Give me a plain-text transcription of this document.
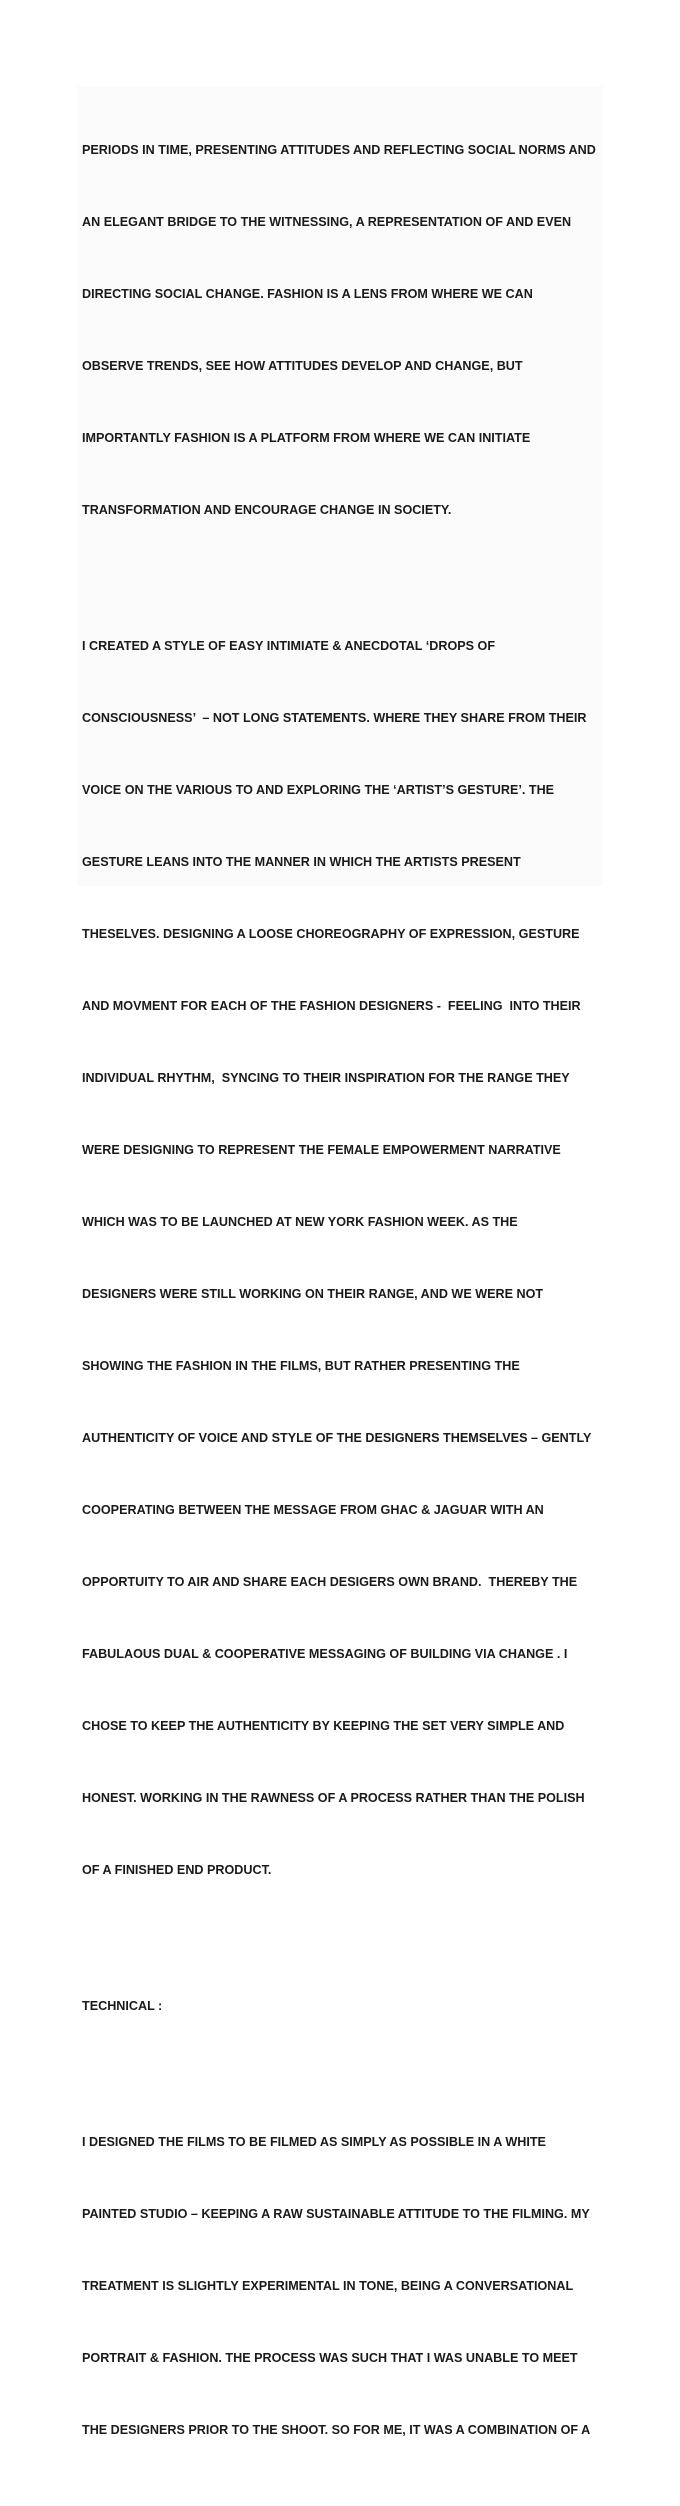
PERIODS IN TIME, PRESENTING ATTITUDES AND REFLECTING SOCIAL NORMS AND

AN ELEGANT BRIDGE TO THE WITNESSING, A REPRESENTATION OF AND EVEN

DIRECTING SOCIAL CHANGE. FASHION IS A LENS FROM WHERE WE CAN

OBSERVE TRENDS, SEE HOW ATTITUDES DEVELOP AND CHANGE, BUT

IMPORTANTLY FASHION IS A PLATFORM FROM WHERE WE CAN INITIATE

TRANSFORMATION AND ENCOURAGE CHANGE IN SOCIETY.

I CREATED A STYLE OF EASY INTIMIATE & ANECDOTAL ‘DROPS OF

CONSCIOUSNESS’  – NOT LONG STATEMENTS. WHERE THEY SHARE FROM THEIR

VOICE ON THE VARIOUS TO AND EXPLORING THE ‘ARTIST’S GESTURE’. THE

GESTURE LEANS INTO THE MANNER IN WHICH THE ARTISTS PRESENT

THESELVES. DESIGNING A LOOSE CHOREOGRAPHY OF EXPRESSION, GESTURE

AND MOVMENT FOR EACH OF THE FASHION DESIGNERS -  FEELING  INTO THEIR

INDIVIDUAL RHYTHM,  SYNCING TO THEIR INSPIRATION FOR THE RANGE THEY

WERE DESIGNING TO REPRESENT THE FEMALE EMPOWERMENT NARRATIVE

WHICH WAS TO BE LAUNCHED AT NEW YORK FASHION WEEK. AS THE

DESIGNERS WERE STILL WORKING ON THEIR RANGE, AND WE WERE NOT

SHOWING THE FASHION IN THE FILMS, BUT RATHER PRESENTING THE

AUTHENTICITY OF VOICE AND STYLE OF THE DESIGNERS THEMSELVES – GENTLY

COOPERATING BETWEEN THE MESSAGE FROM GHAC & JAGUAR WITH AN

OPPORTUITY TO AIR AND SHARE EACH DESIGERS OWN BRAND.  THEREBY THE

FABULAOUS DUAL & COOPERATIVE MESSAGING OF BUILDING VIA CHANGE . I

CHOSE TO KEEP THE AUTHENTICITY BY KEEPING THE SET VERY SIMPLE AND

HONEST. WORKING IN THE RAWNESS OF A PROCESS RATHER THAN THE POLISH

OF A FINISHED END PRODUCT.

TECHNICAL :

I DESIGNED THE FILMS TO BE FILMED AS SIMPLY AS POSSIBLE IN A WHITE

PAINTED STUDIO – KEEPING A RAW SUSTAINABLE ATTITUDE TO THE FILMING. MY

TREATMENT IS SLIGHTLY EXPERIMENTAL IN TONE, BEING A CONVERSATIONAL

PORTRAIT & FASHION. THE PROCESS WAS SUCH THAT I WAS UNABLE TO MEET

THE DESIGNERS PRIOR TO THE SHOOT. SO FOR ME, IT WAS A COMBINATION OF A
